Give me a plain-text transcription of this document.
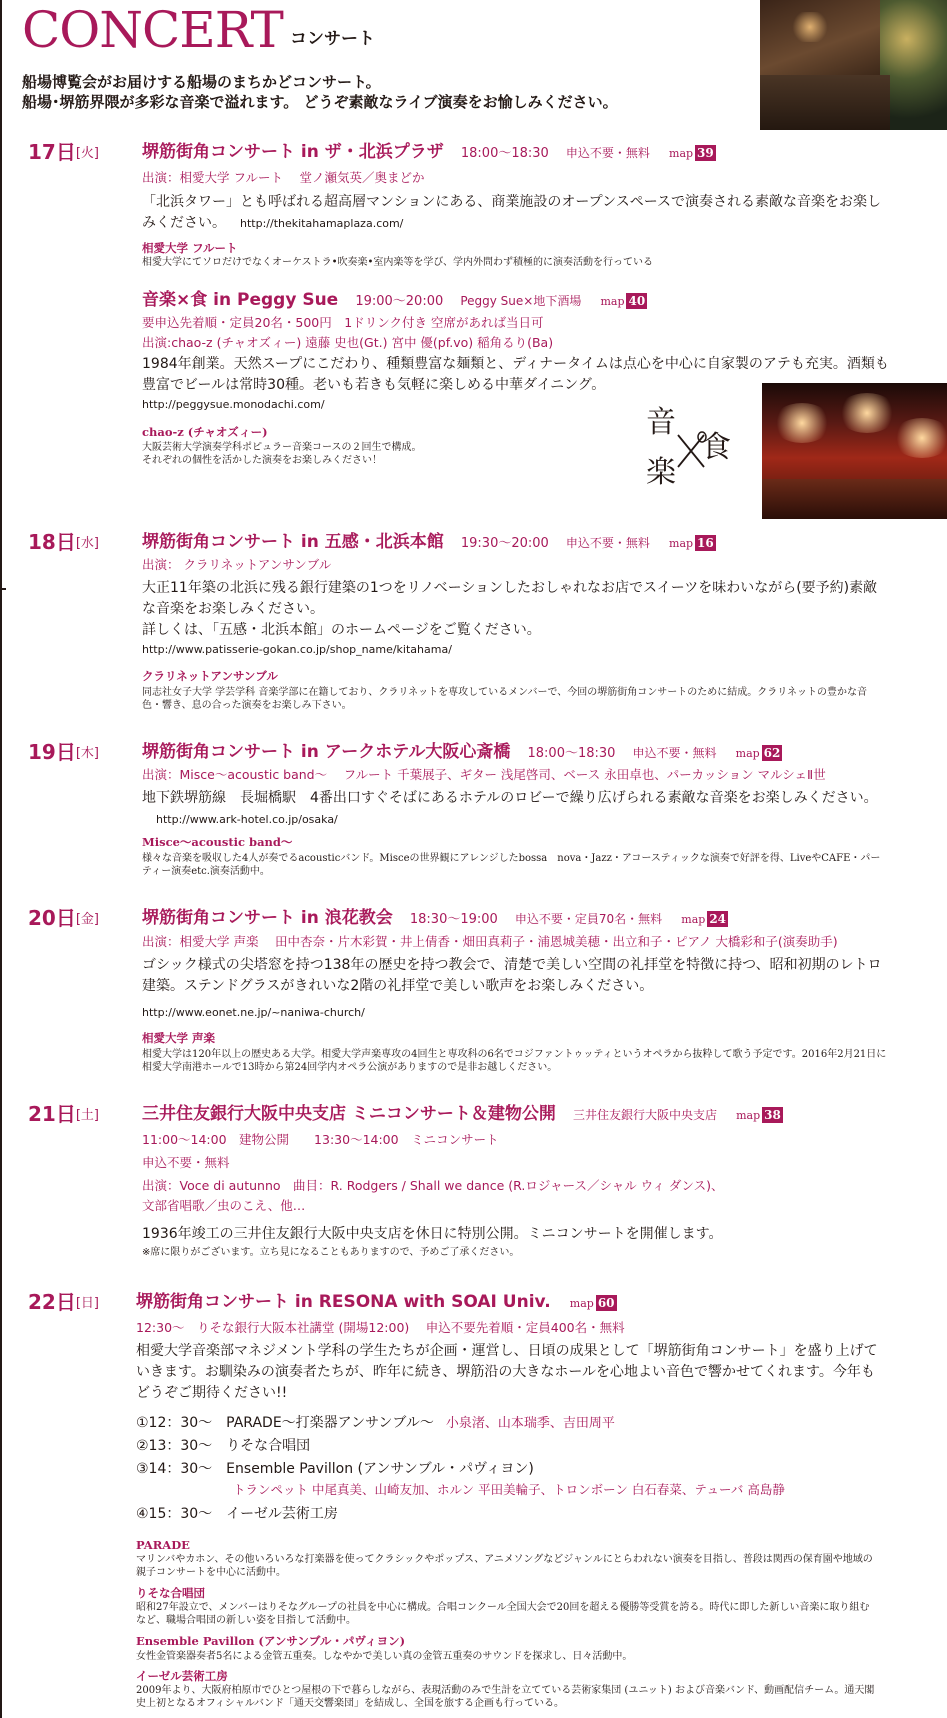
CONCERT コンサート
船場博覧会がお届けする船場のまちかどコンサート。
船場･堺筋界隈が多彩な音楽で溢れます。 どうぞ素敵なライブ演奏をお愉しみください。
17日[火]	堺筋街角コンサート in ザ・北浜プラザ 18:00～18:30 申込不要・無料 map 39
出演：相愛大学 フルート　 堂ノ瀬気英／奥まどか
「北浜タワー」とも呼ばれる超高層マンションにある、商業施設のオープンスペースで演奏される素敵な音楽をお楽しみください。 http://thekitahamaplaza.com/
相愛大学 フルート
相愛大学にてソロだけでなくオーケストラ•吹奏楽•室内楽等を学び、学内外問わず積極的に演奏活動を行っている
音楽×食 in Peggy Sue 19:00～20:00 Peggy Sue×地下酒場 map 40
要申込先着順・定員20名・500円　1ドリンク付き 空席があれば当日可
出演:chao-z (チャオズィー) 遠藤 史也(Gt.) 宮中 優(pf.vo) 稲角るり(Ba)
1984年創業。天然スープにこだわり、種類豊富な麺類と、ディナータイムは点心を中心に自家製のアテも充実。酒類も豊富でビールは常時30種。老いも若きも気軽に楽しめる中華ダイニング。
http://peggysue.monodachi.com/
chao-z (チャオズィー)
大阪芸術大学演奏学科ポピュラー音楽コースの２回生で構成。
それぞれの個性を活かした演奏をお楽しみください！
音
食
楽
18日[水]	堺筋街角コンサート in 五感・北浜本館 19:30～20:00 申込不要・無料 map 16
出演： クラリネットアンサンブル
大正11年築の北浜に残る銀行建築の1つをリノベーションしたおしゃれなお店でスイーツを味わいながら(要予約)素敵な音楽をお楽しみください。
詳しくは、「五感・北浜本館」のホームページをご覧ください。
http://www.patisserie-gokan.co.jp/shop_name/kitahama/
クラリネットアンサンブル
同志社女子大学 学芸学科 音楽学部に在籍しており、クラリネットを専攻しているメンバーで、今回の堺筋街角コンサートのために結成。クラリネットの豊かな音色・響き、息の合った演奏をお楽しみ下さい。
19日[木]	堺筋街角コンサート in アークホテル大阪心斎橋 18:00～18:30 申込不要・無料 map 62
出演：Misce～acoustic band～　 フルート 千葉展子、ギター 浅尾啓司、ベース 永田卓也、パーカッション マルシェⅡ世
地下鉄堺筋線　長堀橋駅　4番出口すぐそばにあるホテルのロビーで繰り広げられる素敵な音楽をお楽しみください。http://www.ark-hotel.co.jp/osaka/
Misce～acoustic band～
様々な音楽を吸収した4人が奏でるacousticバンド。Misceの世界観にアレンジしたbossa　nova・Jazz・アコースティックな演奏で好評を得、LiveやCAFE・パーティー演奏etc.演奏活動中。
20日[金]	堺筋街角コンサート in 浪花教会 18:30～19:00 申込不要・定員70名・無料 map 24
出演：相愛大学 声楽　 田中杏奈・片木彩賀・井上倩香・畑田真莉子・浦恩城美穂・出立和子・ピアノ 大橋彩和子(演奏助手)
ゴシック様式の尖塔窓を持つ138年の歴史を持つ教会で、清楚で美しい空間の礼拝堂を特徴に持つ、昭和初期のレトロ建築。ステンドグラスがきれいな2階の礼拝堂で美しい歌声をお楽しみください。
http://www.eonet.ne.jp/~naniwa-church/
相愛大学 声楽
相愛大学は120年以上の歴史ある大学。相愛大学声楽専攻の4回生と専攻科の6名でコジファントゥッティというオペラから抜粋して歌う予定です。2016年2月21日に相愛大学南港ホールで13時から第24回学内オペラ公演がありますので是非お越しください。
21日[土]	三井住友銀行大阪中央支店 ミニコンサート＆建物公開 三井住友銀行大阪中央支店 map 38
11:00～14:00　建物公開　　13:30～14:00　ミニコンサート
申込不要・無料
出演：Voce di autunno　曲目：R. Rodgers / Shall we dance (R.ロジャース／シャル ウィ ダンス)、
文部省唱歌／虫のこえ、他…
1936年竣工の三井住友銀行大阪中央支店を休日に特別公開。ミニコンサートを開催します。
※席に限りがございます。立ち見になることもありますので、予めご了承ください。
22日[日] 堺筋街角コンサート in RESONA with SOAI Univ. map 60
12:30～　りそな銀行大阪本社講堂 (開場12:00)　 申込不要先着順・定員400名・無料
相愛大学音楽部マネジメント学科の学生たちが企画・運営し、日頃の成果として「堺筋街角コンサート」を盛り上げていきます。お馴染みの演奏者たちが、昨年に続き、堺筋沿の大きなホールを心地よい音色で響かせてくれます。今年もどうぞご期待ください!!
①12：30～　PARADE～打楽器アンサンブル～ 小泉渚、山本瑞季、吉田周平
②13：30～　りそな合唱団
③14：30～　Ensemble Pavillon (アンサンブル・パヴィヨン)
トランペット 中尾真美、山崎友加、ホルン 平田美輪子、トロンボーン 白石春菜、テューバ 高島静
④15：30～　イーゼル芸術工房
PARADE
マリンバやカホン、その他いろいろな打楽器を使ってクラシックやポップス、アニメソングなどジャンルにとらわれない演奏を目指し、普段は関西の保育園や地域の親子コンサートを中心に活動中。
りそな合唱団
昭和27年設立で、メンバーはりそなグループの社員を中心に構成。合唱コンクール全国大会で20回を超える優勝等受賞を誇る。時代に即した新しい音楽に取り組むなど、職場合唱団の新しい姿を目指して活動中。
Ensemble Pavillon (アンサンブル・パヴィヨン)
女性金管楽器奏者5名による金管五重奏。しなやかで美しい真の金管五重奏のサウンドを探求し、日々活動中。
イーゼル芸術工房
2009年より、大阪府柏原市でひとつ屋根の下で暮らしながら、表現活動のみで生計を立てている芸術家集団 (ユニット) および音楽バンド、動画配信チーム。通天閣史上初となるオフィシャルバンド「通天交響楽団」を結成し、全国を旅する企画も行っている。
